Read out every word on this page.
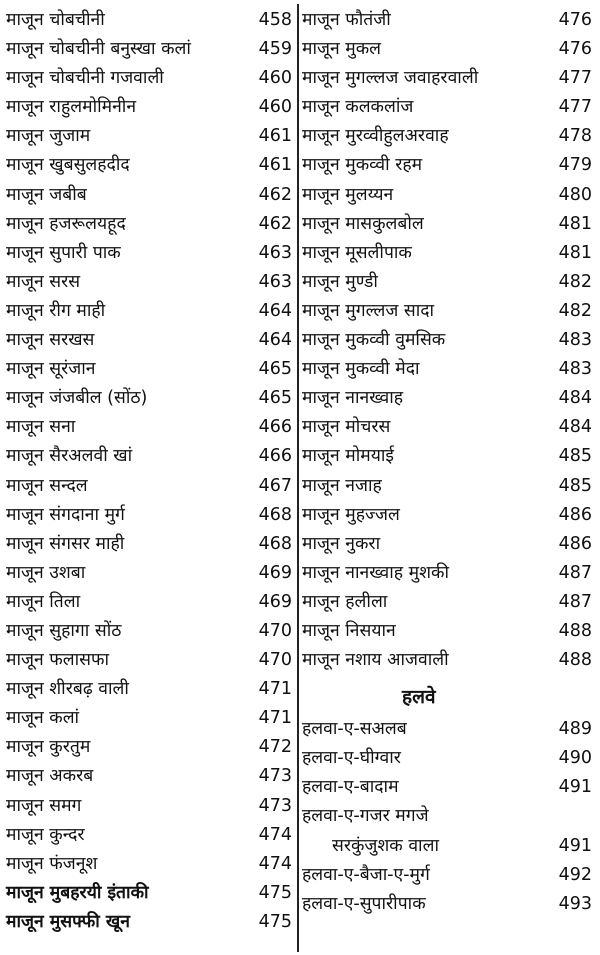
माजून चोबचीनी	458
माजून चोबचीनी बनुस्खा कलां	459
माजून चोबचीनी गजवाली	460
माजून राहुलमोमिनीन	460
माजून जुजाम	461
माजून खुबसुलहदीद	461
माजून जबीब	462
माजून हजरूलयहूद	462
माजून सुपारी पाक	463
माजून सरस	463
माजून रीग माही	464
माजून सरखस	464
माजून सूरंजान	465
माजून जंजबील (सोंठ)	465
माजून सना	466
माजून सैरअलवी खां	466
माजून सन्दल	467
माजून संगदाना मुर्ग	468
माजून संगसर माही	468
माजून उशबा	469
माजून तिला	469
माजून सुहागा सोंठ	470
माजून फलासफा	470
माजून शीरबढ़ वाली	471
माजून कलां	471
माजून कुरतुम	472
माजून अकरब	473
माजून समग	473
माजून कुन्दर	474
माजून फंजनूश	474
माजून मुबहरयी इंताकी	475
माजून मुसफ्फी खून	475
माजून फौतंजी	476
माजून मुकल	476
माजून मुगल्लज जवाहरवाली	477
माजून कलकलांज	477
माजून मुरव्वीहुलअरवाह	478
माजून मुकव्वी रहम	479
माजून मुलय्यन	480
माजून मासकुलबोल	481
माजून मूसलीपाक	481
माजून मुण्डी	482
माजून मुगल्लज सादा	482
माजून मुकव्वी वुमसिक	483
माजून मुकव्वी मेदा	483
माजून नानख्वाह	484
माजून मोचरस	484
माजून मोमयाई	485
माजून नजाह	485
माजून मुहज्जल	486
माजून नुकरा	486
माजून नानख्वाह मुशकी	487
माजून हलीला	487
माजून निसयान	488
माजून नशाय आजवाली	488
हलवे
हलवा-ए-सअलब	489
हलवा-ए-घीग्वार	490
हलवा-ए-बादाम	491
हलवा-ए-गजर मगजे
सरकुंजुशक वाला	491
हलवा-ए-बैजा-ए-मुर्ग	492
हलवा-ए-सुपारीपाक	493
